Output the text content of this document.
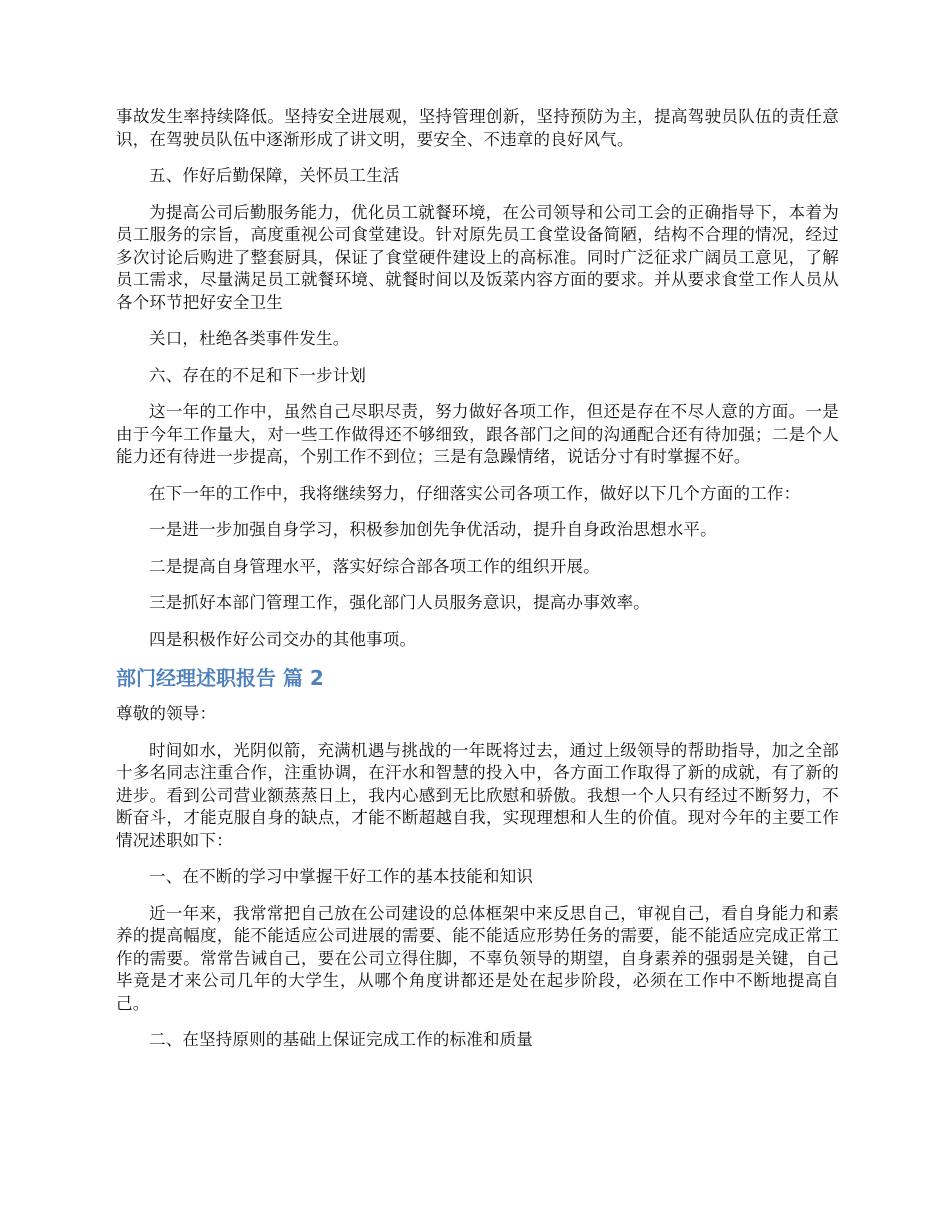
事故发生率持续降低。坚持安全进展观，坚持管理创新，坚持预防为主，提高驾驶员队伍的责任意识，在驾驶员队伍中逐渐形成了讲文明，要安全、不违章的良好风气。

五、作好后勤保障，关怀员工生活

为提高公司后勤服务能力，优化员工就餐环境，在公司领导和公司工会的正确指导下，本着为员工服务的宗旨，高度重视公司食堂建设。针对原先员工食堂设备简陋，结构不合理的情况，经过多次讨论后购进了整套厨具，保证了食堂硬件建设上的高标准。同时广泛征求广阔员工意见，了解员工需求，尽量满足员工就餐环境、就餐时间以及饭菜内容方面的要求。并从要求食堂工作人员从各个环节把好安全卫生

关口，杜绝各类事件发生。

六、存在的不足和下一步计划

这一年的工作中，虽然自己尽职尽责，努力做好各项工作，但还是存在不尽人意的方面。一是由于今年工作量大，对一些工作做得还不够细致，跟各部门之间的沟通配合还有待加强；二是个人能力还有待进一步提高，个别工作不到位；三是有急躁情绪，说话分寸有时掌握不好。

在下一年的工作中，我将继续努力，仔细落实公司各项工作，做好以下几个方面的工作：

一是进一步加强自身学习，积极参加创先争优活动，提升自身政治思想水平。

二是提高自身管理水平，落实好综合部各项工作的组织开展。

三是抓好本部门管理工作，强化部门人员服务意识，提高办事效率。

四是积极作好公司交办的其他事项。

部门经理述职报告 篇 2

尊敬的领导：

时间如水，光阴似箭，充满机遇与挑战的一年既将过去，通过上级领导的帮助指导，加之全部十多名同志注重合作，注重协调，在汗水和智慧的投入中，各方面工作取得了新的成就，有了新的进步。看到公司营业额蒸蒸日上，我内心感到无比欣慰和骄傲。我想一个人只有经过不断努力，不断奋斗，才能克服自身的缺点，才能不断超越自我，实现理想和人生的价值。现对今年的主要工作情况述职如下：

一、在不断的学习中掌握干好工作的基本技能和知识

近一年来，我常常把自己放在公司建设的总体框架中来反思自己，审视自己，看自身能力和素养的提高幅度，能不能适应公司进展的需要、能不能适应形势任务的需要，能不能适应完成正常工作的需要。常常告诫自己，要在公司立得住脚，不辜负领导的期望，自身素养的强弱是关键，自己毕竟是才来公司几年的大学生，从哪个角度讲都还是处在起步阶段，必须在工作中不断地提高自己。

二、在坚持原则的基础上保证完成工作的标准和质量
